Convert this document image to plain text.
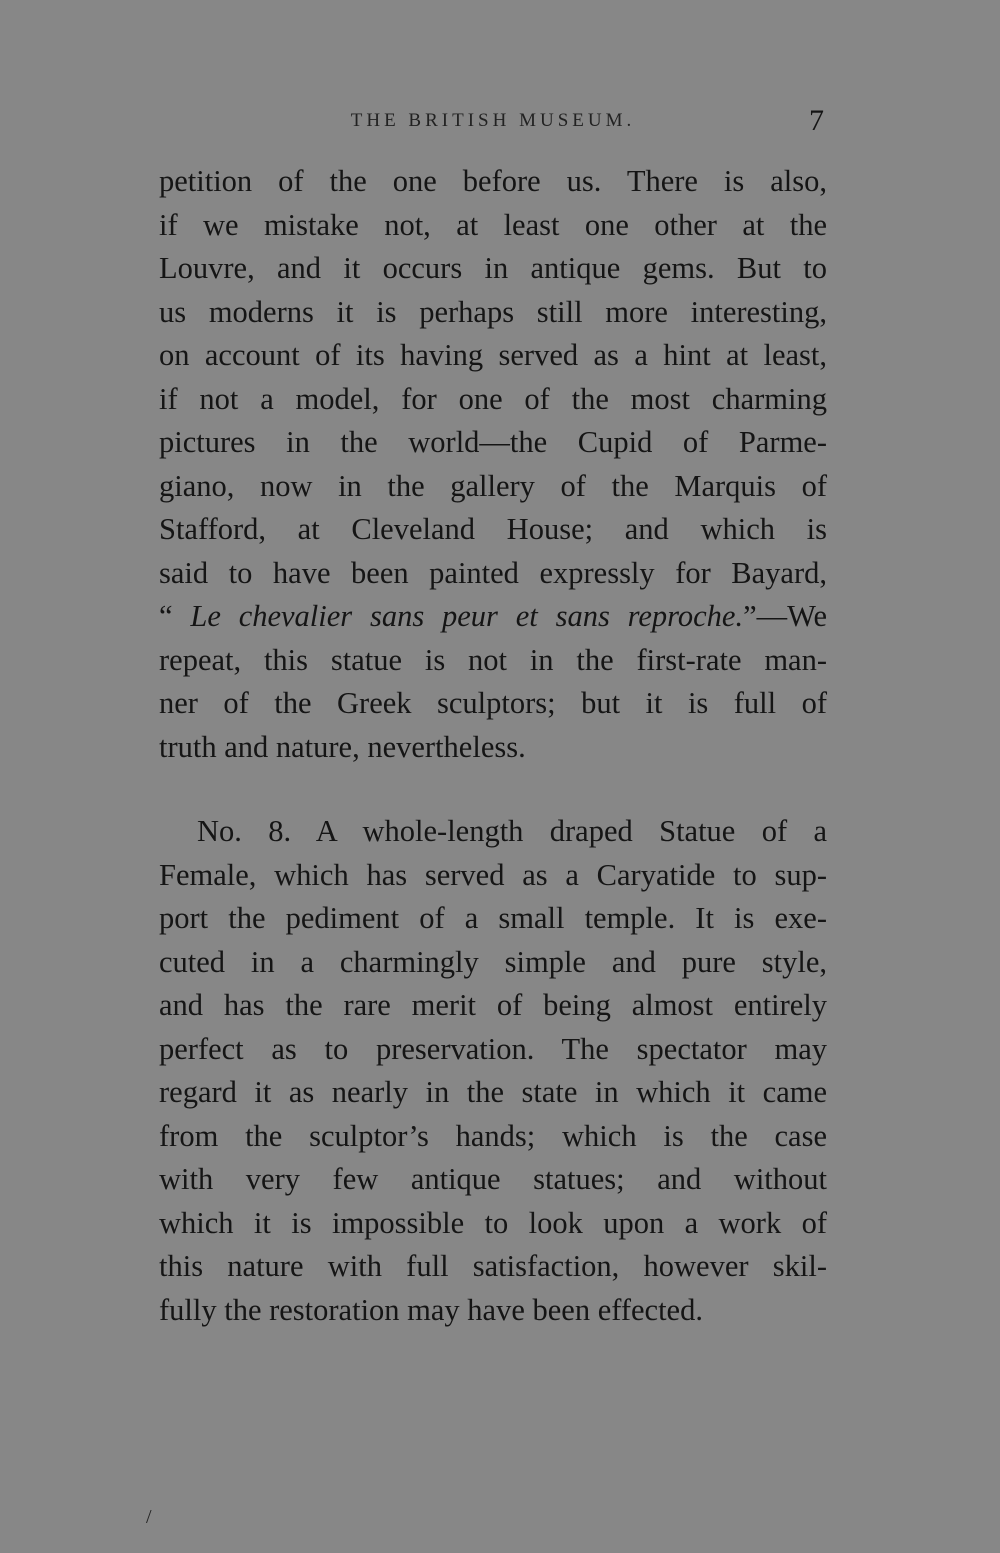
THE BRITISH MUSEUM.	7
petition of the one before us. There is also,
if we mistake not, at least one other at the
Louvre, and it occurs in antique gems. But to
us moderns it is perhaps still more interesting,
on account of its having served as a hint at least,
if not a model, for one of the most charming
pictures in the world—the Cupid of Parme-
giano, now in the gallery of the Marquis of
Stafford, at Cleveland House; and which is
said to have been painted expressly for Bayard,
“ Le chevalier sans peur et sans reproche.”—We
repeat, this statue is not in the first-rate man-
ner of the Greek sculptors; but it is full of
truth and nature, nevertheless.
No. 8. A whole-length draped Statue of a
Female, which has served as a Caryatide to sup-
port the pediment of a small temple. It is exe-
cuted in a charmingly simple and pure style,
and has the rare merit of being almost entirely
perfect as to preservation. The spectator may
regard it as nearly in the state in which it came
from the sculptor’s hands; which is the case
with very few antique statues; and without
which it is impossible to look upon a work of
this nature with full satisfaction, however skil-
fully the restoration may have been effected.
/
